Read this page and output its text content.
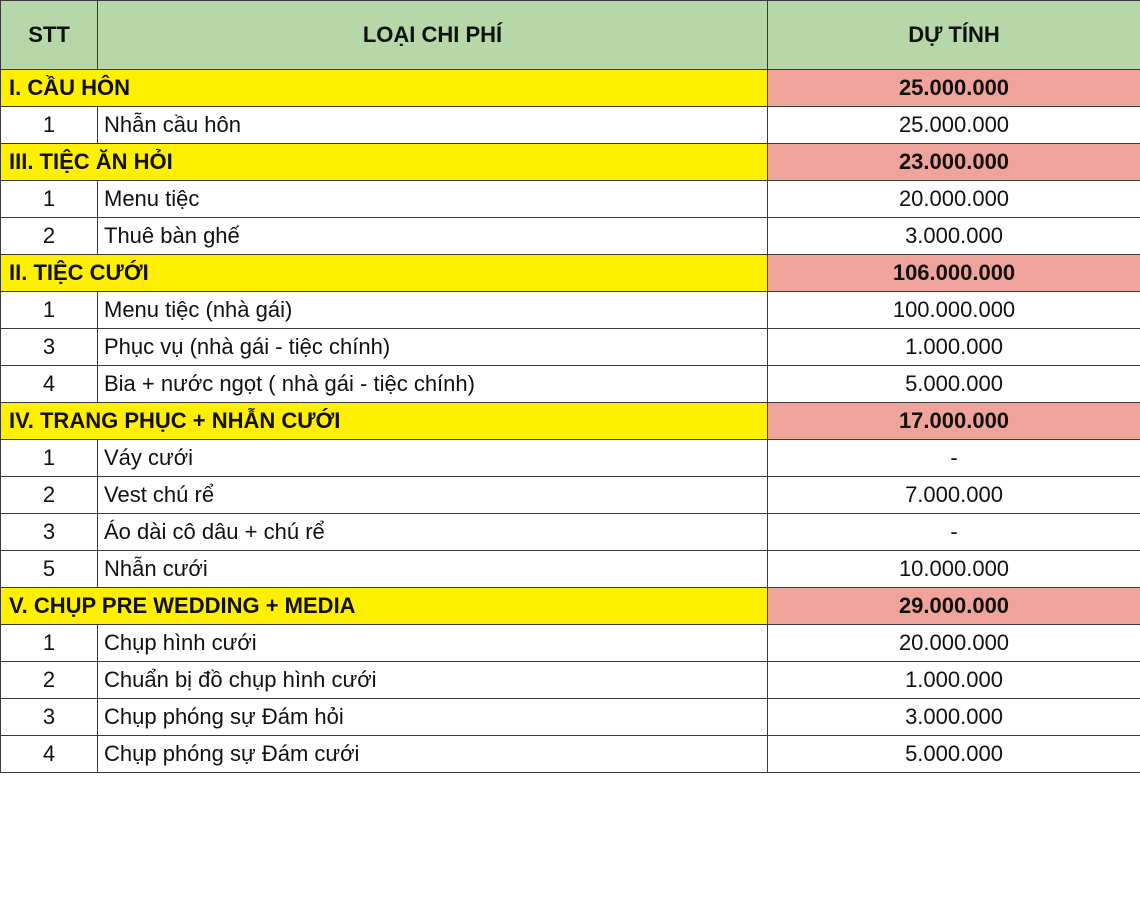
STT	LOẠI CHI PHÍ	DỰ TÍNH
I. CẦU HÔN		25.000.000
1	Nhẫn cầu hôn	25.000.000
III. TIỆC ĂN HỎI		23.000.000
1	Menu tiệc	20.000.000
2	Thuê bàn ghế	3.000.000
II. TIỆC CƯỚI		106.000.000
1	Menu tiệc (nhà gái)	100.000.000
3	Phục vụ (nhà gái - tiệc chính)	1.000.000
4	Bia + nước ngọt ( nhà gái - tiệc chính)	5.000.000
IV. TRANG PHỤC + NHẪN CƯỚI		17.000.000
1	Váy cưới	-
2	Vest chú rể	7.000.000
3	Áo dài cô dâu + chú rể	-
5	Nhẫn cưới	10.000.000
V. CHỤP PRE WEDDING + MEDIA		29.000.000
1	Chụp hình cưới	20.000.000
2	Chuẩn bị đồ chụp hình cưới	1.000.000
3	Chụp phóng sự Đám hỏi	3.000.000
4	Chụp phóng sự Đám cưới	5.000.000
